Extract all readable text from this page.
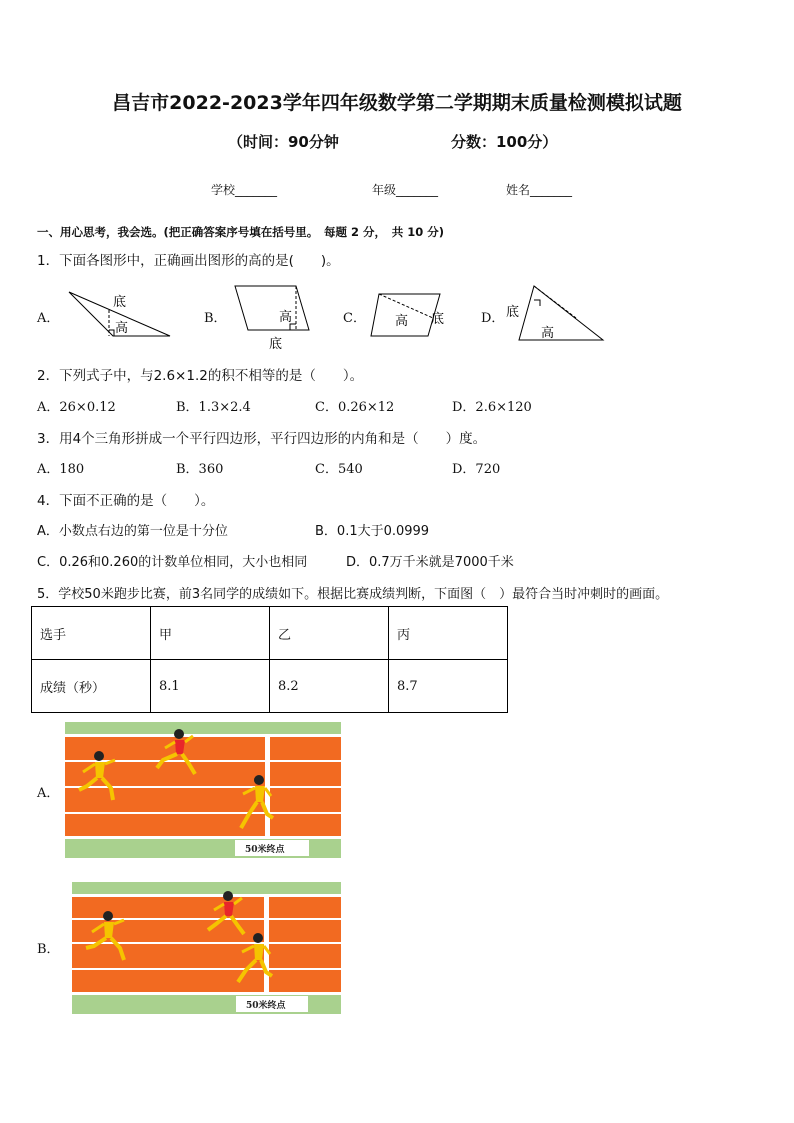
昌吉市2022-2023学年四年级数学第二学期期末质量检测模拟试题
（时间：90分钟	分数：100分）
学校_______	年级_______	姓名_______
一、用心思考，我会选。(把正确答案序号填在括号里。　每题 2 分，　共 10 分)
1．下面各图形中，正确画出图形的高的是(　　)。
A．	B．	C．	D．
底
高
高
底
高 底	底
高
2．下列式子中，与2.6×1.2的积不相等的是（　　）。
A．26×0.12	B．1.3×2.4	C．0.26×12	D．2.6×120
3．用4个三角形拼成一个平行四边形，平行四边形的内角和是（　　）度。
A．180	B．360	C．540	D．720
4．下面不正确的是（　　）。
A．小数点右边的第一位是十分位	B．0.1大于0.0999
C．0.26和0.260的计数单位相同，大小也相同	D．0.7万千米就是7000千米
5．学校50米跑步比赛，前3名同学的成绩如下。根据比赛成绩判断，下面图（　）最符合当时冲刺时的画面。
选手	甲	乙	丙
成绩（秒）	8.1	8.2	8.7
A．
B．
50米终点
50米终点
